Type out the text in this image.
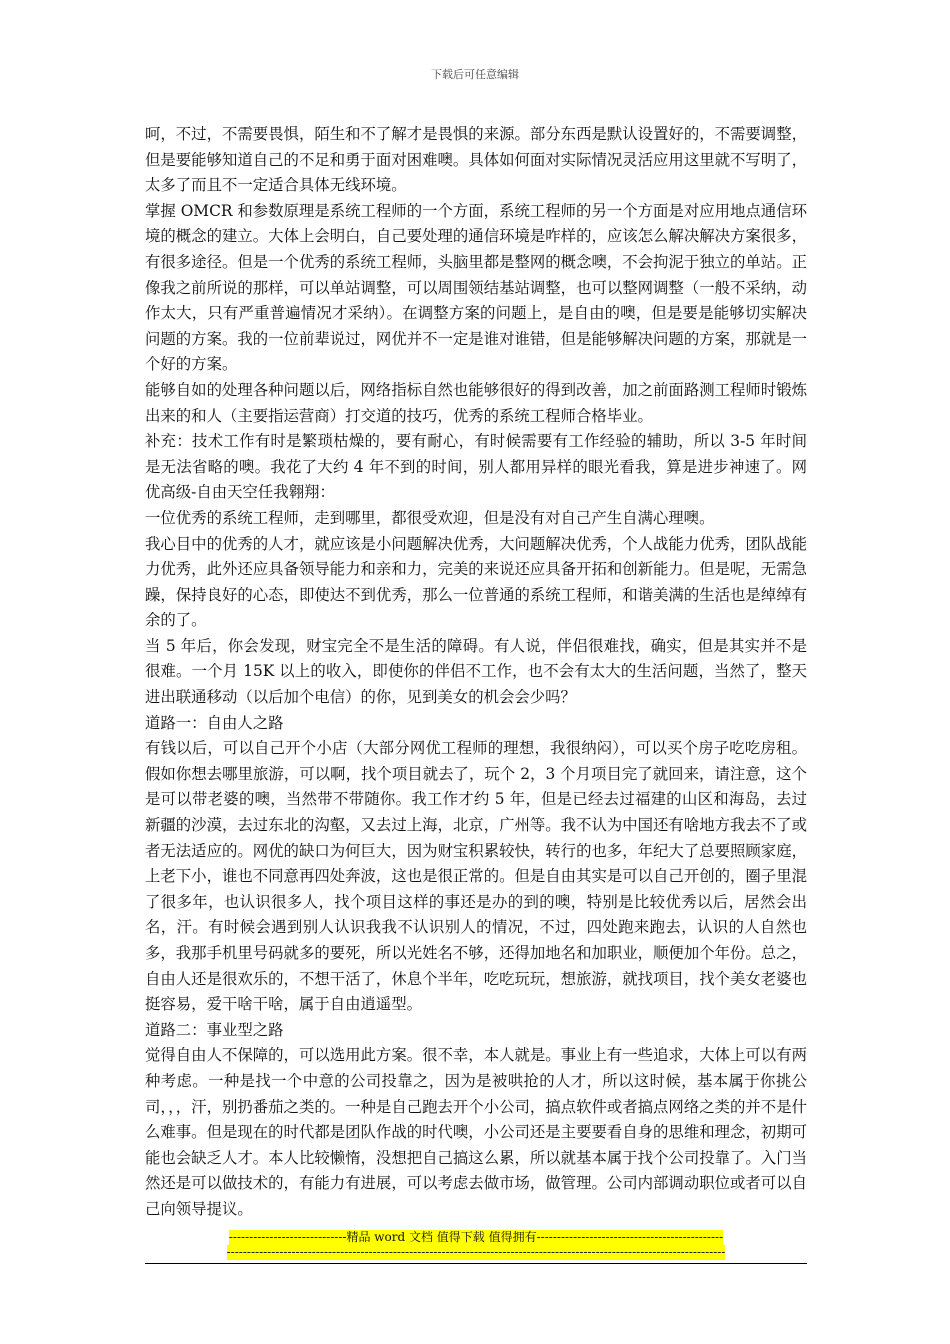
下载后可任意编辑

呵，不过，不需要畏惧，陌生和不了解才是畏惧的来源。部分东西是默认设置好的，不需要调整，但是要能够知道自己的不足和勇于面对困难噢。具体如何面对实际情况灵活应用这里就不写明了，太多了而且不一定适合具体无线环境。

掌握 OMCR 和参数原理是系统工程师的一个方面，系统工程师的另一个方面是对应用地点通信环境的概念的建立。大体上会明白，自己要处理的通信环境是咋样的，应该怎么解决解决方案很多，有很多途径。但是一个优秀的系统工程师，头脑里都是整网的概念噢，不会拘泥于独立的单站。正像我之前所说的那样，可以单站调整，可以周围领结基站调整，也可以整网调整（一般不采纳，动作太大，只有严重普遍情况才采纳）。在调整方案的问题上，是自由的噢，但是要是能够切实解决问题的方案。我的一位前辈说过，网优并不一定是谁对谁错，但是能够解决问题的方案，那就是一个好的方案。

能够自如的处理各种问题以后，网络指标自然也能够很好的得到改善，加之前面路测工程师时锻炼出来的和人（主要指运营商）打交道的技巧，优秀的系统工程师合格毕业。

补充：技术工作有时是繁琐枯燥的，要有耐心，有时候需要有工作经验的辅助，所以 3-5 年时间是无法省略的噢。我花了大约 4 年不到的时间，别人都用异样的眼光看我，算是进步神速了。网优高级-自由天空任我翱翔：

一位优秀的系统工程师，走到哪里，都很受欢迎，但是没有对自己产生自满心理噢。

我心目中的优秀的人才，就应该是小问题解决优秀，大问题解决优秀，个人战能力优秀，团队战能力优秀，此外还应具备领导能力和亲和力，完美的来说还应具备开拓和创新能力。但是呢，无需急躁，保持良好的心态，即使达不到优秀，那么一位普通的系统工程师，和谐美满的生活也是绰绰有余的了。

当 5 年后，你会发现，财宝完全不是生活的障碍。有人说，伴侣很难找，确实，但是其实并不是很难。一个月 15K 以上的收入，即使你的伴侣不工作，也不会有太大的生活问题，当然了，整天进出联通移动（以后加个电信）的你，见到美女的机会会少吗？

道路一：自由人之路

有钱以后，可以自己开个小店（大部分网优工程师的理想，我很纳闷），可以买个房子吃吃房租。假如你想去哪里旅游，可以啊，找个项目就去了，玩个 2，3 个月项目完了就回来，请注意，这个是可以带老婆的噢，当然带不带随你。我工作才约 5 年，但是已经去过福建的山区和海岛，去过新疆的沙漠，去过东北的沟壑，又去过上海，北京，广州等。我不认为中国还有啥地方我去不了或者无法适应的。网优的缺口为何巨大，因为财宝积累较快，转行的也多，年纪大了总要照顾家庭，上老下小，谁也不同意再四处奔波，这也是很正常的。但是自由其实是可以自己开创的，圈子里混了很多年，也认识很多人，找个项目这样的事还是办的到的噢，特别是比较优秀以后，居然会出名，汗。有时候会遇到别人认识我我不认识别人的情况，不过，四处跑来跑去，认识的人自然也多，我那手机里号码就多的要死，所以光姓名不够，还得加地名和加职业，顺便加个年份。总之，自由人还是很欢乐的，不想干活了，休息个半年，吃吃玩玩，想旅游，就找项目，找个美女老婆也挺容易，爱干啥干啥，属于自由逍遥型。

道路二：事业型之路

觉得自由人不保障的，可以选用此方案。很不幸，本人就是。事业上有一些追求，大体上可以有两种考虑。一种是找一个中意的公司投靠之，因为是被哄抢的人才，所以这时候，基本属于你挑公司，，，汗，别扔番茄之类的。一种是自己跑去开个小公司，搞点软件或者搞点网络之类的并不是什么难事。但是现在的时代都是团队作战的时代噢，小公司还是主要要看自身的思维和理念，初期可能也会缺乏人才。本人比较懒惰，没想把自己搞这么累，所以就基本属于找个公司投靠了。入门当然还是可以做技术的，有能力有进展，可以考虑去做市场，做管理。公司内部调动职位或者可以自己向领导提议。

-----------------------------精品 word 文档 值得下载 值得拥有----------------------------------------------
---------------------------------------------------------------------------------------------------------------------------
